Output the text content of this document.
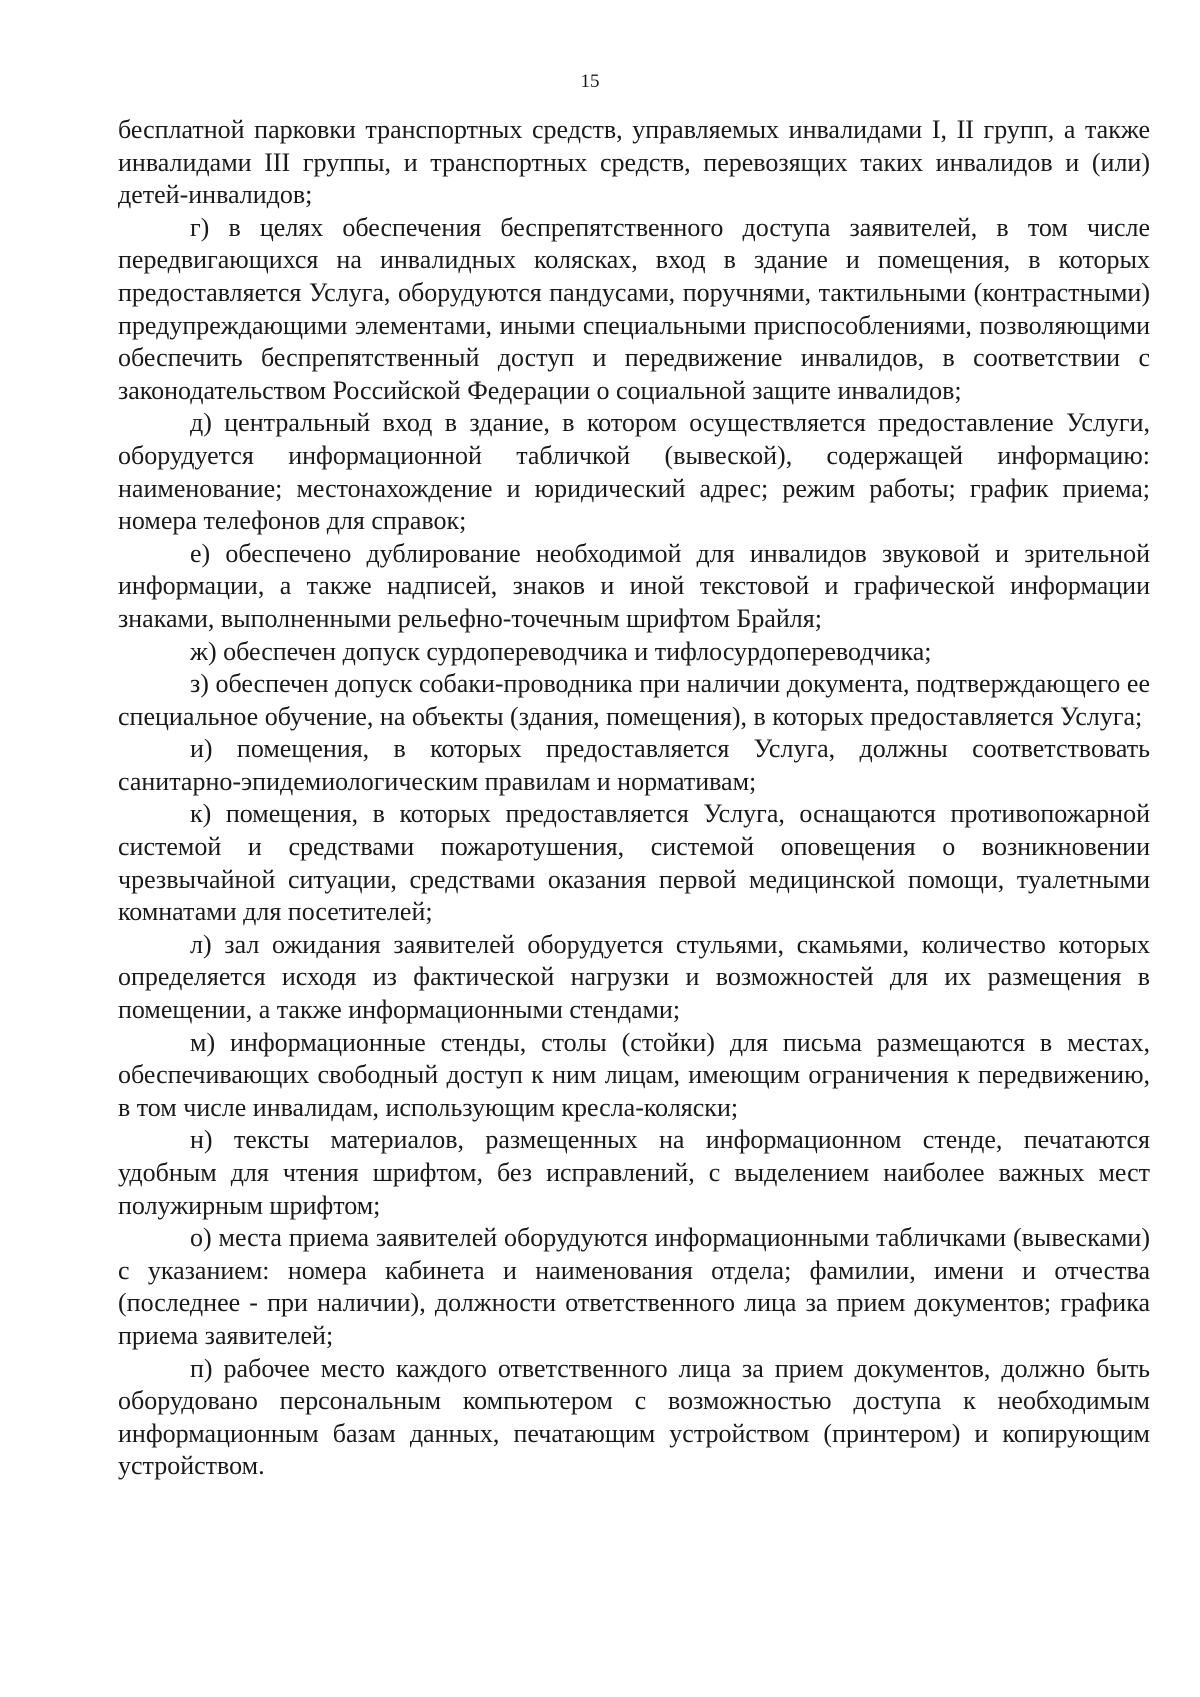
15

бесплатной парковки транспортных средств, управляемых инвалидами I, II групп, а также инвалидами III группы, и транспортных средств, перевозящих таких инвалидов и (или) детей-инвалидов;

г) в целях обеспечения беспрепятственного доступа заявителей, в том числе передвигающихся на инвалидных колясках, вход в здание и помещения, в которых предоставляется Услуга, оборудуются пандусами, поручнями, тактильными (контрастными) предупреждающими элементами, иными специальными приспособлениями, позволяющими обеспечить беспрепятственный доступ и передвижение инвалидов, в соответствии с законодательством Российской Федерации о социальной защите инвалидов;

д) центральный вход в здание, в котором осуществляется предоставление Услуги, оборудуется информационной табличкой (вывеской), содержащей информацию: наименование; местонахождение и юридический адрес; режим работы; график приема; номера телефонов для справок;

е) обеспечено дублирование необходимой для инвалидов звуковой и зрительной информации, а также надписей, знаков и иной текстовой и графической информации знаками, выполненными рельефно-точечным шрифтом Брайля;

ж) обеспечен допуск сурдопереводчика и тифлосурдопереводчика;

з) обеспечен допуск собаки-проводника при наличии документа, подтверждающего ее специальное обучение, на объекты (здания, помещения), в которых предоставляется Услуга;

и) помещения, в которых предоставляется Услуга, должны соответствовать санитарно-эпидемиологическим правилам и нормативам;

к) помещения, в которых предоставляется Услуга, оснащаются противопожарной системой и средствами пожаротушения, системой оповещения о возникновении чрезвычайной ситуации, средствами оказания первой медицинской помощи, туалетными комнатами для посетителей;

л) зал ожидания заявителей оборудуется стульями, скамьями, количество которых определяется исходя из фактической нагрузки и возможностей для их размещения в помещении, а также информационными стендами;

м) информационные стенды, столы (стойки) для письма размещаются в местах, обеспечивающих свободный доступ к ним лицам, имеющим ограничения к передвижению, в том числе инвалидам, использующим кресла-коляски;

н) тексты материалов, размещенных на информационном стенде, печатаются удобным для чтения шрифтом, без исправлений, с выделением наиболее важных мест полужирным шрифтом;

о) места приема заявителей оборудуются информационными табличками (вывесками) с указанием: номера кабинета и наименования отдела; фамилии, имени и отчества (последнее - при наличии), должности ответственного лица за прием документов; графика приема заявителей;

п) рабочее место каждого ответственного лица за прием документов, должно быть оборудовано персональным компьютером с возможностью доступа к необходимым информационным базам данных, печатающим устройством (принтером) и копирующим устройством.
